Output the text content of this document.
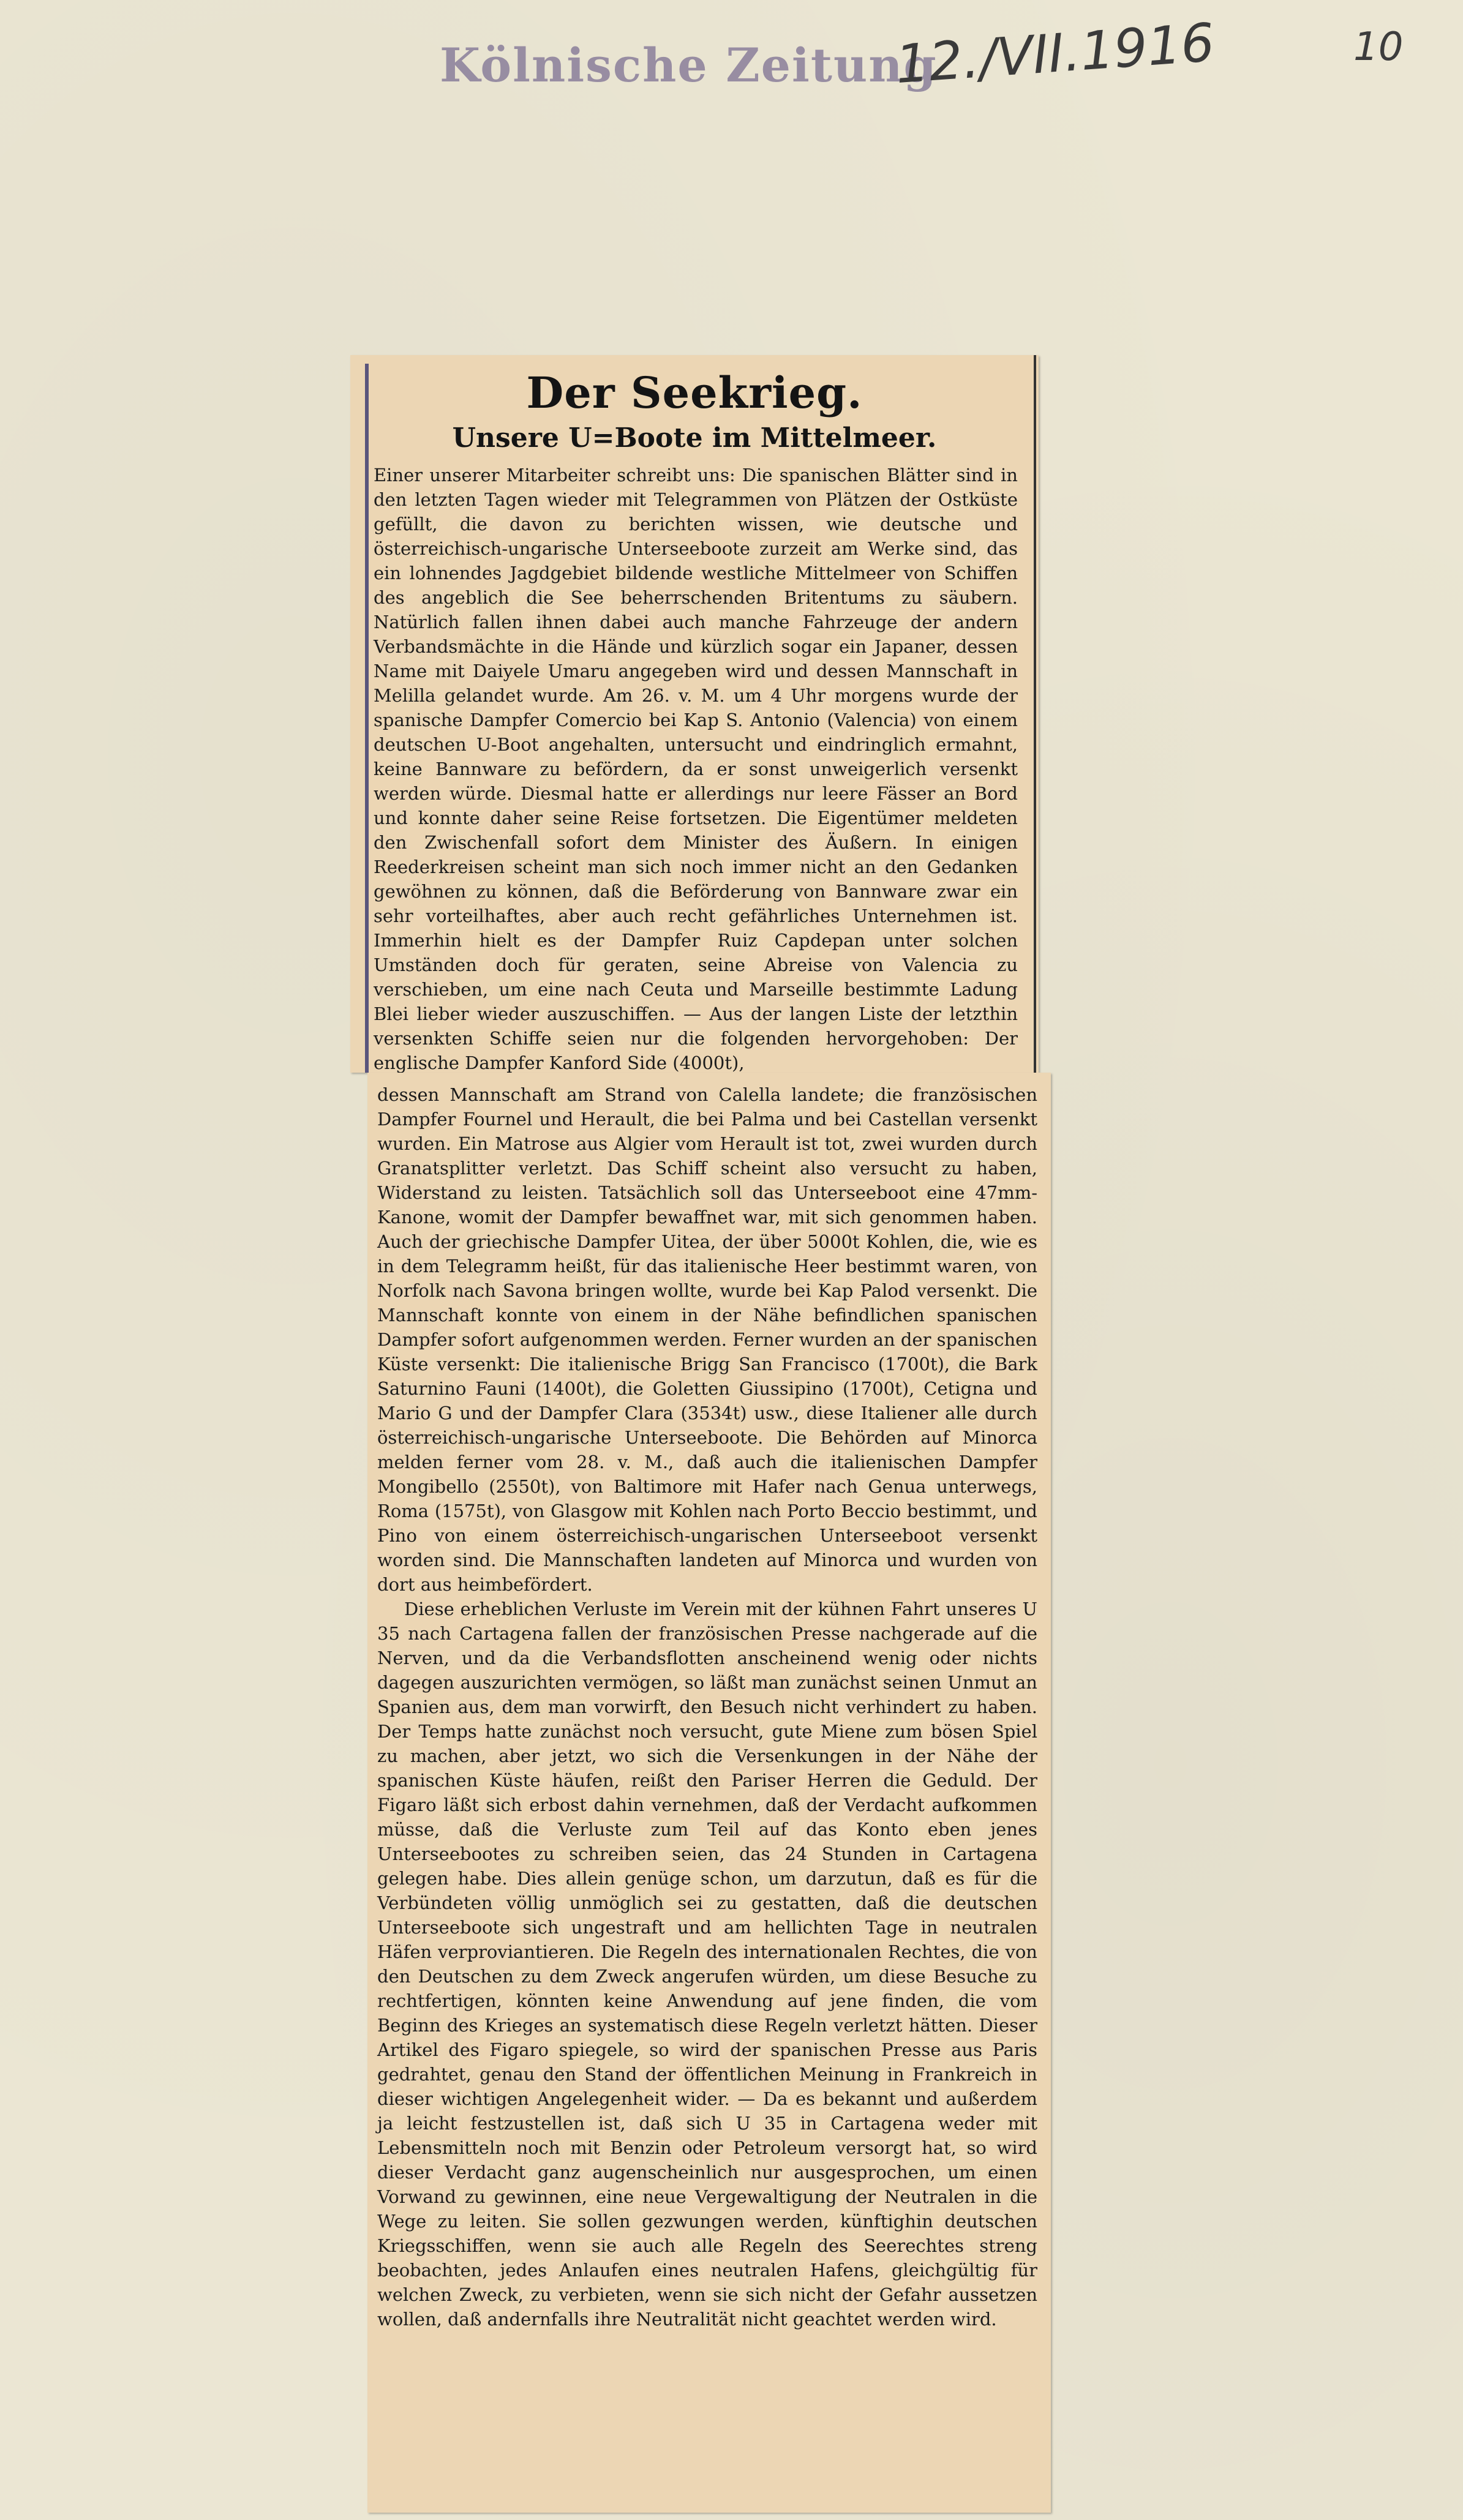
Kölnische Zeitung
12./VII.1916	10
Der Seekrieg.
Unsere U=Boote im Mittelmeer.

Einer unserer Mitarbeiter schreibt uns: Die spanischen Blätter sind in den letzten Tagen wieder mit Telegrammen von Plätzen der Ostküste gefüllt, die davon zu berichten wissen, wie deutsche und österreichisch-ungarische Unterseeboote zurzeit am Werke sind, das ein lohnendes Jagdgebiet bildende westliche Mittelmeer von Schiffen des angeblich die See beherrschenden Britentums zu säubern. Natürlich fallen ihnen dabei auch manche Fahrzeuge der andern Verbandsmächte in die Hände und kürzlich sogar ein Japaner, dessen Name mit Daiyele Umaru angegeben wird und dessen Mannschaft in Melilla gelandet wurde. Am 26. v. M. um 4 Uhr morgens wurde der spanische Dampfer Comercio bei Kap S. Antonio (Valencia) von einem deutschen U-Boot angehalten, untersucht und eindringlich ermahnt, keine Bannware zu befördern, da er sonst unweigerlich versenkt werden würde. Diesmal hatte er allerdings nur leere Fässer an Bord und konnte daher seine Reise fortsetzen. Die Eigentümer meldeten den Zwischenfall sofort dem Minister des Äußern. In einigen Reederkreisen scheint man sich noch immer nicht an den Gedanken gewöhnen zu können, daß die Beförderung von Bannware zwar ein sehr vorteilhaftes, aber auch recht gefährliches Unternehmen ist. Immerhin hielt es der Dampfer Ruiz Capdepan unter solchen Umständen doch für geraten, seine Abreise von Valencia zu verschieben, um eine nach Ceuta und Marseille bestimmte Ladung Blei lieber wieder auszuschiffen. — Aus der langen Liste der letzthin versenkten Schiffe seien nur die folgenden hervorgehoben: Der englische Dampfer Kanford Side (4000t),

dessen Mannschaft am Strand von Calella landete; die französischen Dampfer Fournel und Herault, die bei Palma und bei Castellan versenkt wurden. Ein Matrose aus Algier vom Herault ist tot, zwei wurden durch Granatsplitter verletzt. Das Schiff scheint also versucht zu haben, Widerstand zu leisten. Tatsächlich soll das Unterseeboot eine 47mm-Kanone, womit der Dampfer bewaffnet war, mit sich genommen haben. Auch der griechische Dampfer Uitea, der über 5000t Kohlen, die, wie es in dem Telegramm heißt, für das italienische Heer bestimmt waren, von Norfolk nach Savona bringen wollte, wurde bei Kap Palod versenkt. Die Mannschaft konnte von einem in der Nähe befindlichen spanischen Dampfer sofort aufgenommen werden. Ferner wurden an der spanischen Küste versenkt: Die italienische Brigg San Francisco (1700t), die Bark Saturnino Fauni (1400t), die Goletten Giussipino (1700t), Cetigna und Mario G und der Dampfer Clara (3534t) usw., diese Italiener alle durch österreichisch-ungarische Unterseeboote. Die Behörden auf Minorca melden ferner vom 28. v. M., daß auch die italienischen Dampfer Mongibello (2550t), von Baltimore mit Hafer nach Genua unterwegs, Roma (1575t), von Glasgow mit Kohlen nach Porto Beccio bestimmt, und Pino von einem österreichisch-ungarischen Unterseeboot versenkt worden sind. Die Mannschaften landeten auf Minorca und wurden von dort aus heimbefördert.
Diese erheblichen Verluste im Verein mit der kühnen Fahrt unseres U 35 nach Cartagena fallen der französischen Presse nachgerade auf die Nerven, und da die Verbandsflotten anscheinend wenig oder nichts dagegen auszurichten vermögen, so läßt man zunächst seinen Unmut an Spanien aus, dem man vorwirft, den Besuch nicht verhindert zu haben. Der Temps hatte zunächst noch versucht, gute Miene zum bösen Spiel zu machen, aber jetzt, wo sich die Versenkungen in der Nähe der spanischen Küste häufen, reißt den Pariser Herren die Geduld. Der Figaro läßt sich erbost dahin vernehmen, daß der Verdacht aufkommen müsse, daß die Verluste zum Teil auf das Konto eben jenes Unterseebootes zu schreiben seien, das 24 Stunden in Cartagena gelegen habe. Dies allein genüge schon, um darzutun, daß es für die Verbündeten völlig unmöglich sei zu gestatten, daß die deutschen Unterseeboote sich ungestraft und am hellichten Tage in neutralen Häfen verproviantieren. Die Regeln des internationalen Rechtes, die von den Deutschen zu dem Zweck angerufen würden, um diese Besuche zu rechtfertigen, könnten keine Anwendung auf jene finden, die vom Beginn des Krieges an systematisch diese Regeln verletzt hätten. Dieser Artikel des Figaro spiegele, so wird der spanischen Presse aus Paris gedrahtet, genau den Stand der öffentlichen Meinung in Frankreich in dieser wichtigen Angelegenheit wider. — Da es bekannt und außerdem ja leicht festzustellen ist, daß sich U 35 in Cartagena weder mit Lebensmitteln noch mit Benzin oder Petroleum versorgt hat, so wird dieser Verdacht ganz augenscheinlich nur ausgesprochen, um einen Vorwand zu gewinnen, eine neue Vergewaltigung der Neutralen in die Wege zu leiten. Sie sollen gezwungen werden, künftighin deutschen Kriegsschiffen, wenn sie auch alle Regeln des Seerechtes streng beobachten, jedes Anlaufen eines neutralen Hafens, gleichgültig für welchen Zweck, zu verbieten, wenn sie sich nicht der Gefahr aussetzen wollen, daß andernfalls ihre Neutralität nicht geachtet werden wird.
